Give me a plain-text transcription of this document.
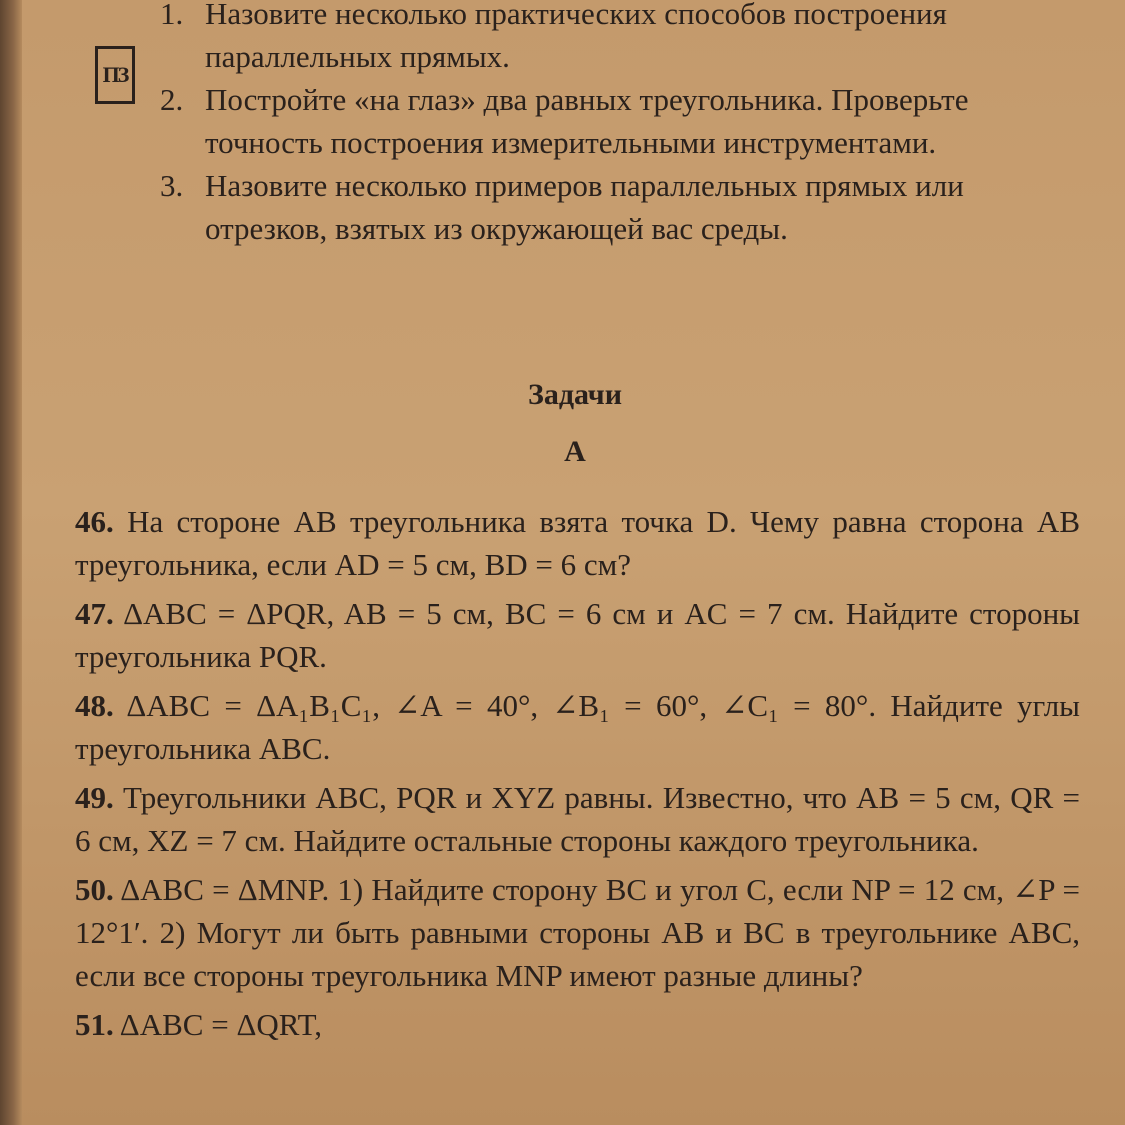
ПЗ
1. Назовите несколько практических способов построения параллельных прямых.
2. Постройте «на глаз» два равных треугольника. Проверьте точность построения измерительными инструментами.
3. Назовите несколько примеров параллельных прямых или отрезков, взятых из окружающей вас среды.
Задачи
А
46. На стороне AB треугольника взята точка D. Чему равна сторона AB треугольника, если AD = 5 см, BD = 6 см?
47. ΔABC = ΔPQR, AB = 5 см, BC = 6 см и AC = 7 см. Найдите стороны треугольника PQR.
48. ΔABC = ΔA₁B₁C₁, ∠A = 40°, ∠B₁ = 60°, ∠C₁ = 80°. Найдите углы треугольника ABC.
49. Треугольники ABC, PQR и XYZ равны. Известно, что AB = 5 см, QR = 6 см, XZ = 7 см. Найдите остальные стороны каждого треугольника.
50. ΔABC = ΔMNP. 1) Найдите сторону BC и угол C, если NP = 12 см, ∠P = 12°1′. 2) Могут ли быть равными стороны AB и BC в треугольнике ABC, если все стороны треугольника MNP имеют разные длины?
51. ΔABC = ΔQRT,
